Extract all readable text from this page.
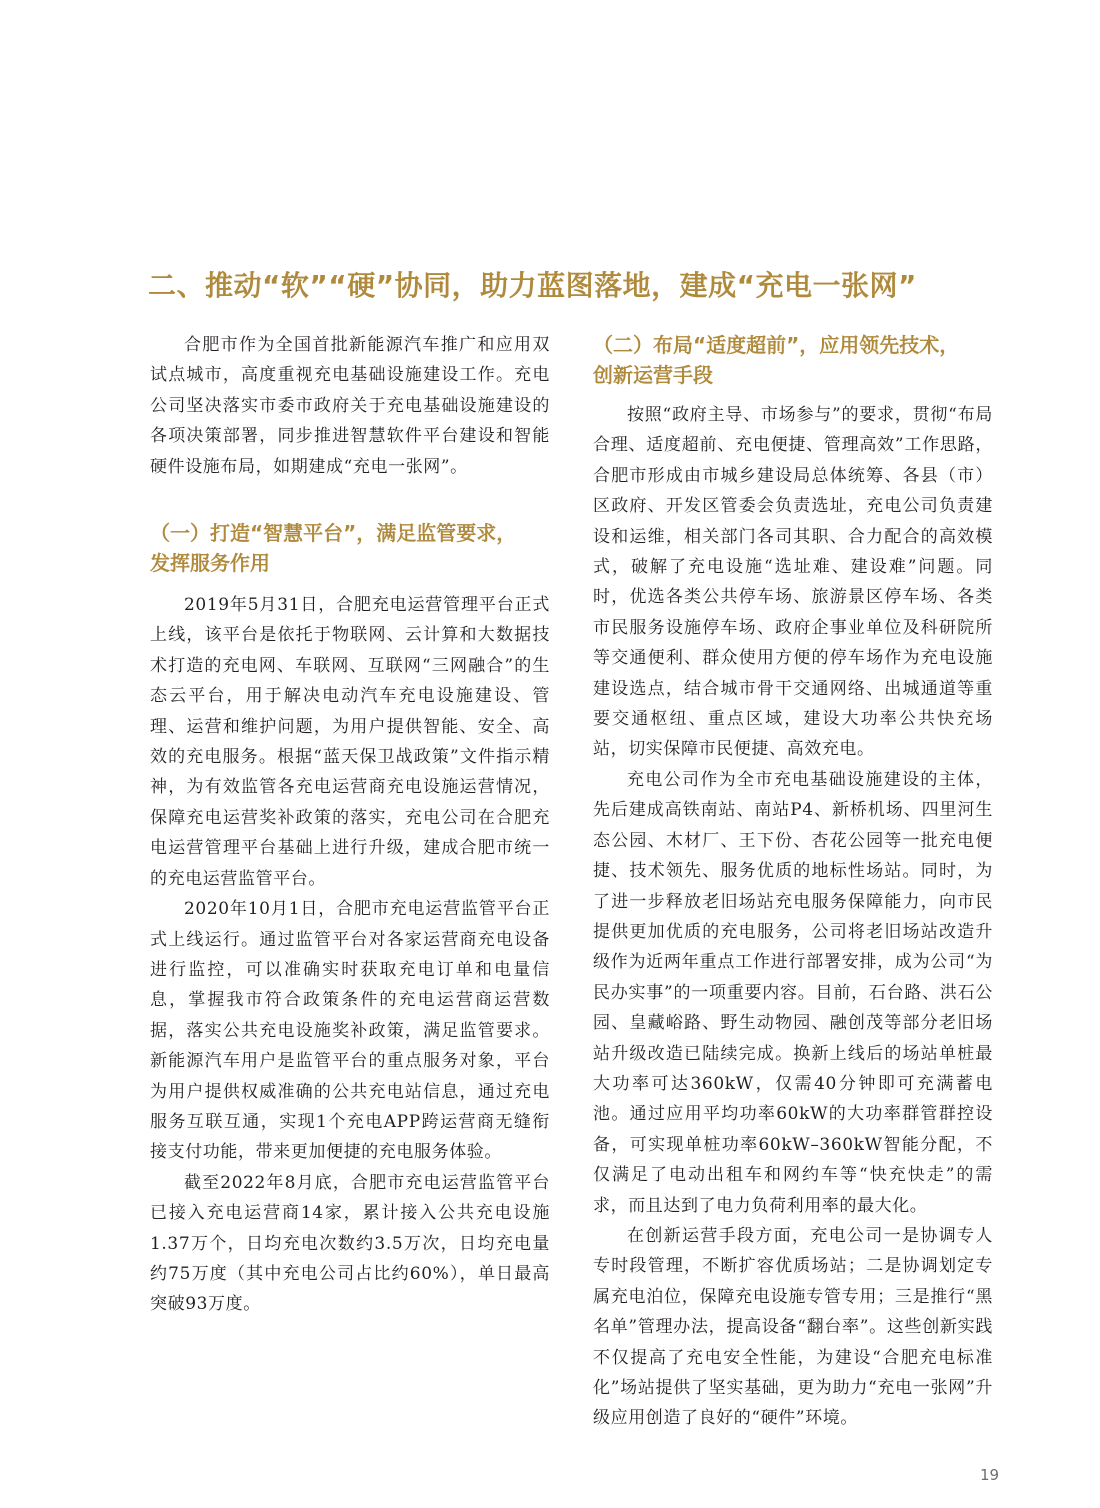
二、推动“软”“硬”协同，助力蓝图落地，建成“充电一张网”

合肥市作为全国首批新能源汽车推广和应用双试点城市，高度重视充电基础设施建设工作。充电公司坚决落实市委市政府关于充电基础设施建设的各项决策部署，同步推进智慧软件平台建设和智能硬件设施布局，如期建成“充电一张网”。

（一）打造“智慧平台”，满足监管要求，
发挥服务作用

2019年5月31日，合肥充电运营管理平台正式上线，该平台是依托于物联网、云计算和大数据技术打造的充电网、车联网、互联网“三网融合”的生态云平台，用于解决电动汽车充电设施建设、管理、运营和维护问题，为用户提供智能、安全、高效的充电服务。根据“蓝天保卫战政策”文件指示精神，为有效监管各充电运营商充电设施运营情况，保障充电运营奖补政策的落实，充电公司在合肥充电运营管理平台基础上进行升级，建成合肥市统一的充电运营监管平台。

2020年10月1日，合肥市充电运营监管平台正式上线运行。通过监管平台对各家运营商充电设备进行监控，可以准确实时获取充电订单和电量信息，掌握我市符合政策条件的充电运营商运营数据，落实公共充电设施奖补政策，满足监管要求。新能源汽车用户是监管平台的重点服务对象，平台为用户提供权威准确的公共充电站信息，通过充电服务互联互通，实现1个充电APP跨运营商无缝衔接支付功能，带来更加便捷的充电服务体验。

截至2022年8月底，合肥市充电运营监管平台已接入充电运营商14家，累计接入公共充电设施1.37万个，日均充电次数约3.5万次，日均充电量约75万度（其中充电公司占比约60%），单日最高突破93万度。

（二）布局“适度超前”，应用领先技术，
创新运营手段

按照“政府主导、市场参与”的要求，贯彻“布局合理、适度超前、充电便捷、管理高效”工作思路，合肥市形成由市城乡建设局总体统筹、各县（市）区政府、开发区管委会负责选址，充电公司负责建设和运维，相关部门各司其职、合力配合的高效模式，破解了充电设施“选址难、建设难”问题。同时，优选各类公共停车场、旅游景区停车场、各类市民服务设施停车场、政府企事业单位及科研院所等交通便利、群众使用方便的停车场作为充电设施建设选点，结合城市骨干交通网络、出城通道等重要交通枢纽、重点区域，建设大功率公共快充场站，切实保障市民便捷、高效充电。

充电公司作为全市充电基础设施建设的主体，先后建成高铁南站、南站P4、新桥机场、四里河生态公园、木材厂、王下份、杏花公园等一批充电便捷、技术领先、服务优质的地标性场站。同时，为了进一步释放老旧场站充电服务保障能力，向市民提供更加优质的充电服务，公司将老旧场站改造升级作为近两年重点工作进行部署安排，成为公司“为民办实事”的一项重要内容。目前，石台路、洪石公园、皇藏峪路、野生动物园、融创茂等部分老旧场站升级改造已陆续完成。换新上线后的场站单桩最大功率可达360kW，仅需40分钟即可充满蓄电池。通过应用平均功率60kW的大功率群管群控设备，可实现单桩功率60kW–360kW智能分配，不仅满足了电动出租车和网约车等“快充快走”的需求，而且达到了电力负荷利用率的最大化。

在创新运营手段方面，充电公司一是协调专人专时段管理，不断扩容优质场站；二是协调划定专属充电泊位，保障充电设施专管专用；三是推行“黑名单”管理办法，提高设备“翻台率”。这些创新实践不仅提高了充电安全性能，为建设“合肥充电标准化”场站提供了坚实基础，更为助力“充电一张网”升级应用创造了良好的“硬件”环境。

19
